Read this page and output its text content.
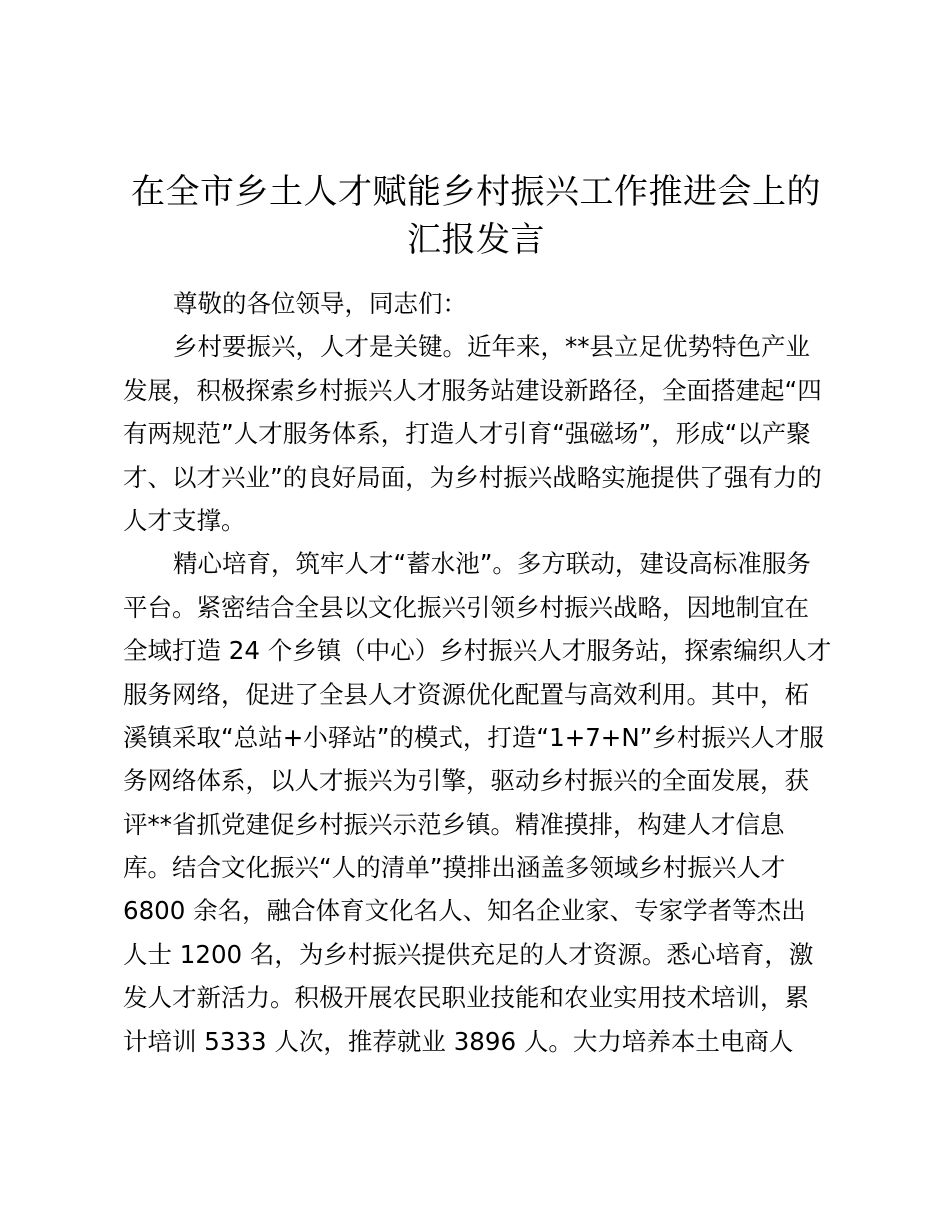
在全市乡土人才赋能乡村振兴工作推进会上的
汇报发言
尊敬的各位领导，同志们：
乡村要振兴，人才是关键。近年来，**县立足优势特色产业
发展，积极探索乡村振兴人才服务站建设新路径，全面搭建起“四
有两规范”人才服务体系，打造人才引育“强磁场”，形成“以产聚
才、以才兴业”的良好局面，为乡村振兴战略实施提供了强有力的
人才支撑。
精心培育，筑牢人才“蓄水池”。多方联动，建设高标准服务
平台。紧密结合全县以文化振兴引领乡村振兴战略，因地制宜在
全域打造 24 个乡镇（中心）乡村振兴人才服务站，探索编织人才
服务网络，促进了全县人才资源优化配置与高效利用。其中，柘
溪镇采取“总站+小驿站”的模式，打造“1+7+N”乡村振兴人才服
务网络体系，以人才振兴为引擎，驱动乡村振兴的全面发展，获
评**省抓党建促乡村振兴示范乡镇。精准摸排，构建人才信息
库。结合文化振兴“人的清单”摸排出涵盖多领域乡村振兴人才
6800 余名，融合体育文化名人、知名企业家、专家学者等杰出
人士 1200 名，为乡村振兴提供充足的人才资源。悉心培育，激
发人才新活力。积极开展农民职业技能和农业实用技术培训，累
计培训 5333 人次，推荐就业 3896 人。大力培养本土电商人
